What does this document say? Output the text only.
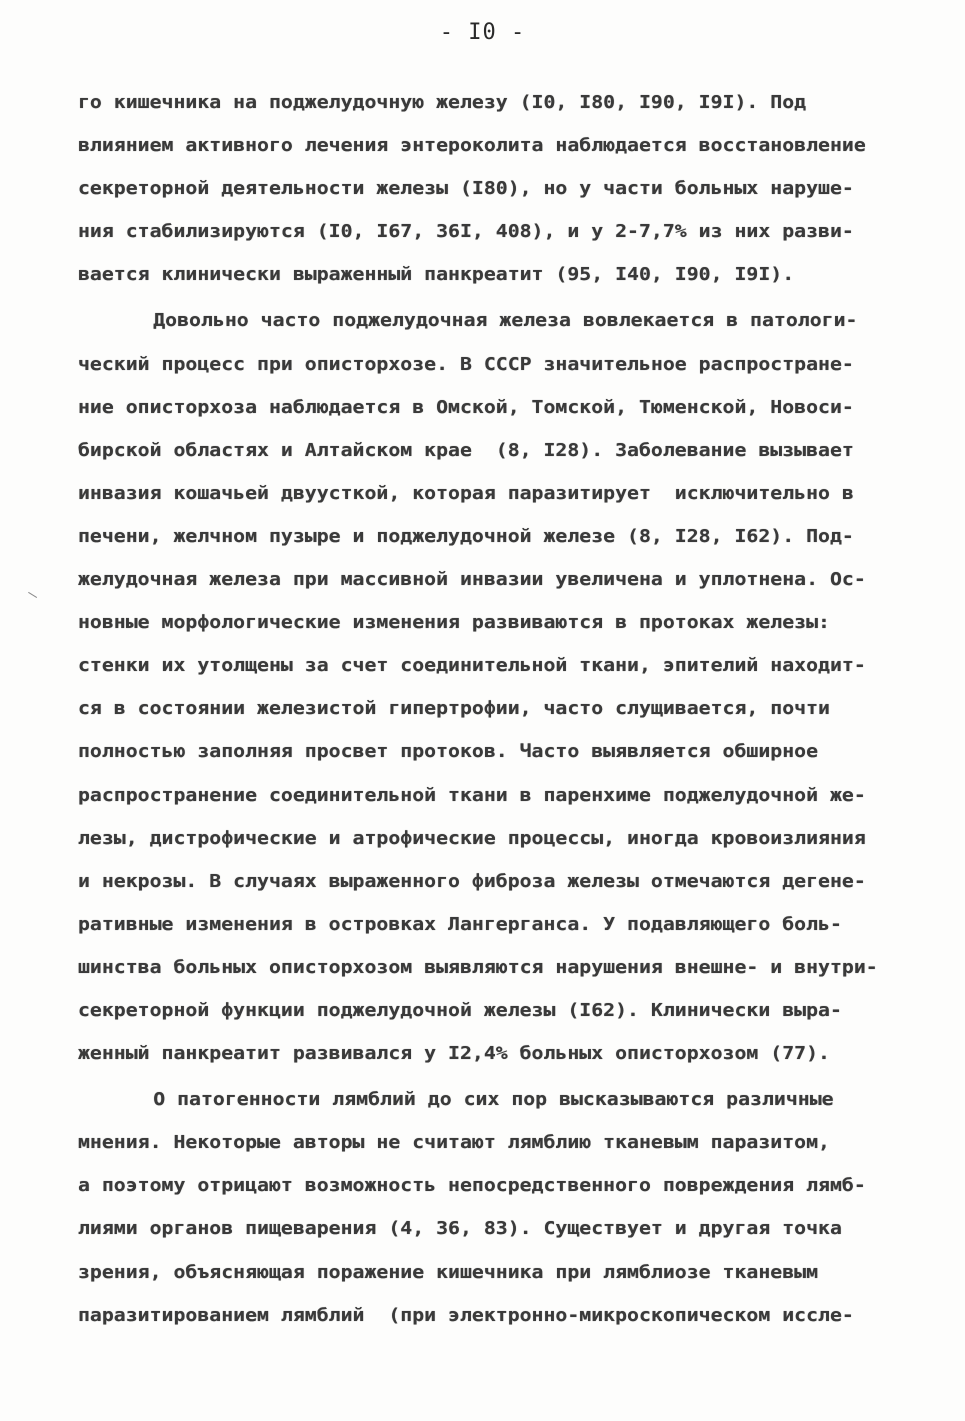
- I0 -
го кишечника на поджелудочную железу (I0, I80, I90, I9I). Под
влиянием активного лечения энтероколита наблюдается восстановление
секреторной деятельности железы (I80), но у части больных наруше-
ния стабилизируются (I0, I67, 36I, 408), и у 2-7,7% из них разви-
вается клинически выраженный панкреатит (95, I40, I90, I9I).
Довольно часто поджелудочная железа вовлекается в патологи-
ческий процесс при описторхозе. В СССР значительное распростране-
ние описторхоза наблюдается в Омской, Томской, Тюменской, Новоси-
бирской областях и Алтайском крае  (8, I28). Заболевание вызывает
инвазия кошачьей двуусткой, которая паразитирует  исключительно в
печени, желчном пузыре и поджелудочной железе (8, I28, I62). Под-
желудочная железа при массивной инвазии увеличена и уплотнена. Ос-
новные морфологические изменения развиваются в протоках железы:
стенки их утолщены за счет соединительной ткани, эпителий находит-
ся в состоянии железистой гипертрофии, часто слущивается, почти
полностью заполняя просвет протоков. Часто выявляется обширное
распространение соединительной ткани в паренхиме поджелудочной же-
лезы, дистрофические и атрофические процессы, иногда кровоизлияния
и некрозы. В случаях выраженного фиброза железы отмечаются дегене-
ративные изменения в островках Лангерганса. У подавляющего боль-
шинства больных описторхозом выявляются нарушения внешне- и внутри-
секреторной функции поджелудочной железы (I62). Клинически выра-
женный панкреатит развивался у I2,4% больных описторхозом (77).
О патогенности лямблий до сих пор высказываются различные
мнения. Некоторые авторы не считают лямблию тканевым паразитом,
а поэтому отрицают возможность непосредственного повреждения лямб-
лиями органов пищеварения (4, 36, 83). Существует и другая точка
зрения, объясняющая поражение кишечника при лямблиозе тканевым
паразитированием лямблий  (при электронно-микроскопическом иссле-
